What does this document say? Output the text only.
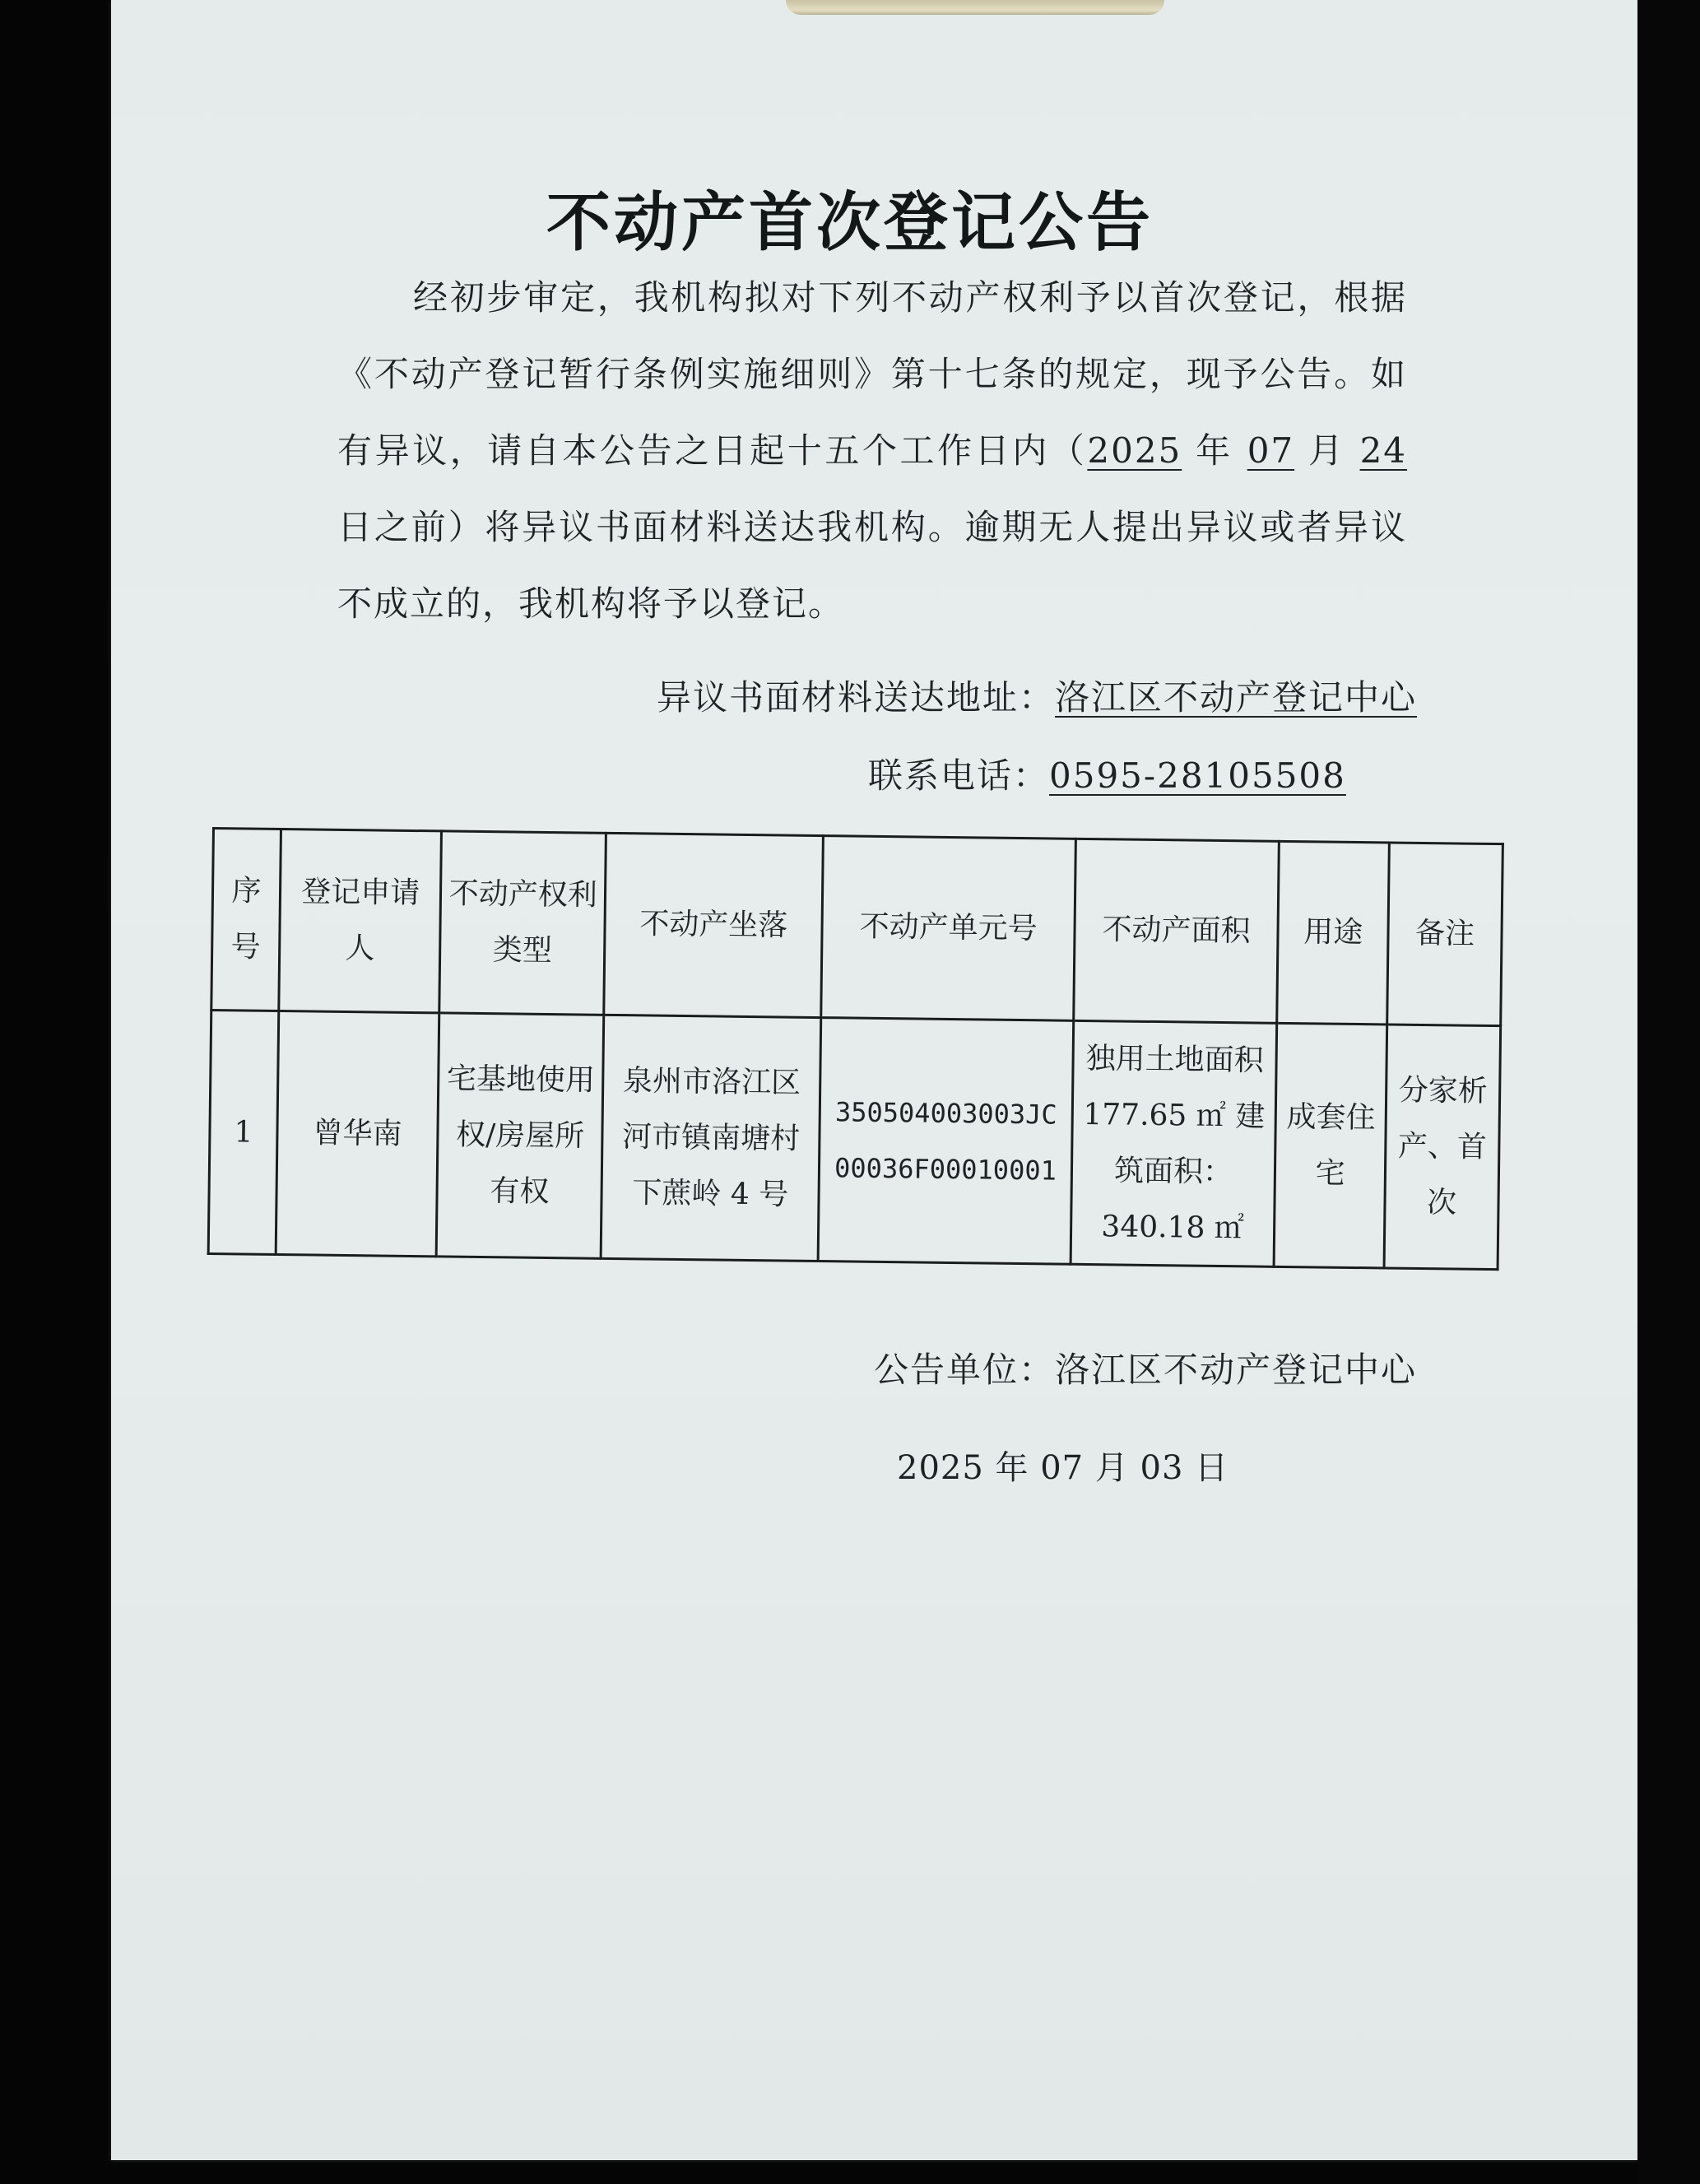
不动产首次登记公告
经初步审定，我机构拟对下列不动产权利予以首次登记，根据《不动产登记暂行条例实施细则》第十七条的规定，现予公告。如有异议，请自本公告之日起十五个工作日内（2025 年 07 月 24 日之前）将异议书面材料送达我机构。逾期无人提出异议或者异议不成立的，我机构将予以登记。
异议书面材料送达地址：洛江区不动产登记中心
联系电话：0595-28105508
序号	登记申请人	不动产权利类型	不动产坐落	不动产单元号	不动产面积	用途	备注
1	曾华南	宅基地使用权/房屋所有权	泉州市洛江区河市镇南塘村下蔗岭 4 号	350504003003JC00036F00010001	独用土地面积 177.65 ㎡ 建筑面积：340.18 ㎡	成套住宅	分家析产、首次
公告单位：洛江区不动产登记中心
2025 年 07 月 03 日
